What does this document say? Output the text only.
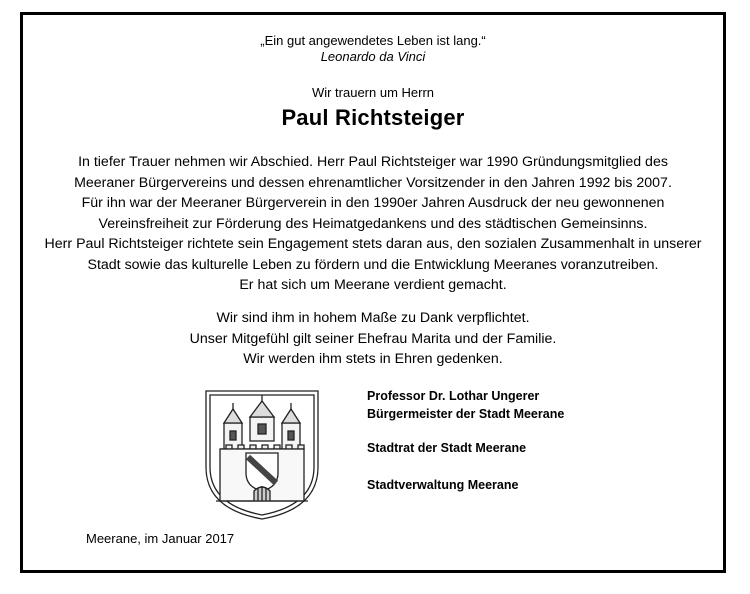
„Ein gut angewendetes Leben ist lang.“

Leonardo da Vinci

Wir trauern um Herrn
Paul Richtsteiger

In tiefer Trauer nehmen wir Abschied. Herr Paul Richtsteiger war 1990 Gründungsmitglied des

Meeraner Bürgervereins und dessen ehrenamtlicher Vorsitzender in den Jahren 1992 bis 2007.

Für ihn war der Meeraner Bürgerverein in den 1990er Jahren Ausdruck der neu gewonnenen

Vereinsfreiheit zur Förderung des Heimatgedankens und des städtischen Gemeinsinns.

Herr Paul Richtsteiger richtete sein Engagement stets daran aus, den sozialen Zusammenhalt in unserer

Stadt sowie das kulturelle Leben zu fördern und die Entwicklung Meeranes voranzutreiben.

Er hat sich um Meerane verdient gemacht.

Wir sind ihm in hohem Maße zu Dank verpflichtet.

Unser Mitgefühl gilt seiner Ehefrau Marita und der Familie.

Wir werden ihm stets in Ehren gedenken.

Professor Dr. Lothar Ungerer

Bürgermeister der Stadt Meerane

Stadtrat der Stadt Meerane
Stadtverwaltung Meerane
Meerane, im Januar 2017
